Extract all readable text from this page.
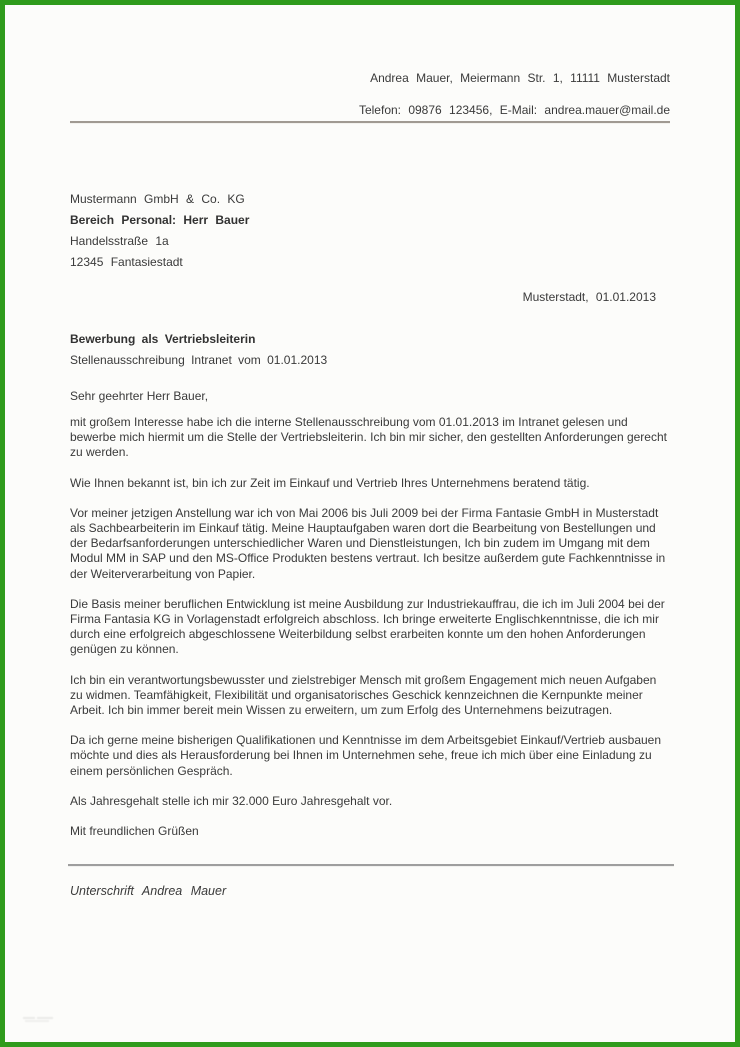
Andrea Mauer, Meiermann Str. 1, 11111 Musterstadt
Telefon: 09876 123456, E-Mail: andrea.mauer@mail.de
Mustermann GmbH & Co. KG
Bereich Personal: Herr Bauer
Handelsstraße 1a
12345 Fantasiestadt
Musterstadt, 01.01.2013
Bewerbung als Vertriebsleiterin
Stellenausschreibung Intranet vom 01.01.2013

Sehr geehrter Herr Bauer,

mit großem Interesse habe ich die interne Stellenausschreibung vom 01.01.2013 im Intranet gelesen und bewerbe mich hiermit um die Stelle der Vertriebsleiterin. Ich bin mir sicher, den gestellten Anforderungen gerecht zu werden.

Wie Ihnen bekannt ist, bin ich zur Zeit im Einkauf und Vertrieb Ihres Unternehmens beratend tätig.

Vor meiner jetzigen Anstellung war ich von Mai 2006 bis Juli 2009 bei der Firma Fantasie GmbH in Musterstadt als Sachbearbeiterin im Einkauf tätig. Meine Hauptaufgaben waren dort die Bearbeitung von Bestellungen und der Bedarfsanforderungen unterschiedlicher Waren und Dienstleistungen, Ich bin zudem im Umgang mit dem Modul MM in SAP und den MS-Office Produkten bestens vertraut. Ich besitze außerdem gute Fachkenntnisse in der Weiterverarbeitung von Papier.

Die Basis meiner beruflichen Entwicklung ist meine Ausbildung zur Industriekauffrau, die ich im Juli 2004 bei der Firma Fantasia KG in Vorlagenstadt erfolgreich abschloss. Ich bringe erweiterte Englischkenntnisse, die ich mir durch eine erfolgreich abgeschlossene Weiterbildung selbst erarbeiten konnte um den hohen Anforderungen genügen zu können.

Ich bin ein verantwortungsbewusster und zielstrebiger Mensch mit großem Engagement mich neuen Aufgaben zu widmen. Teamfähigkeit, Flexibilität und organisatorisches Geschick kennzeichnen die Kernpunkte meiner Arbeit. Ich bin immer bereit mein Wissen zu erweitern, um zum Erfolg des Unternehmens beizutragen.

Da ich gerne meine bisherigen Qualifikationen und Kenntnisse im dem Arbeitsgebiet Einkauf/Vertrieb ausbauen möchte und dies als Herausforderung bei Ihnen im Unternehmen sehe, freue ich mich über eine Einladung zu einem persönlichen Gespräch.

Als Jahresgehalt stelle ich mir 32.000 Euro Jahresgehalt vor.

Mit freundlichen Grüßen

Unterschrift Andrea Mauer
